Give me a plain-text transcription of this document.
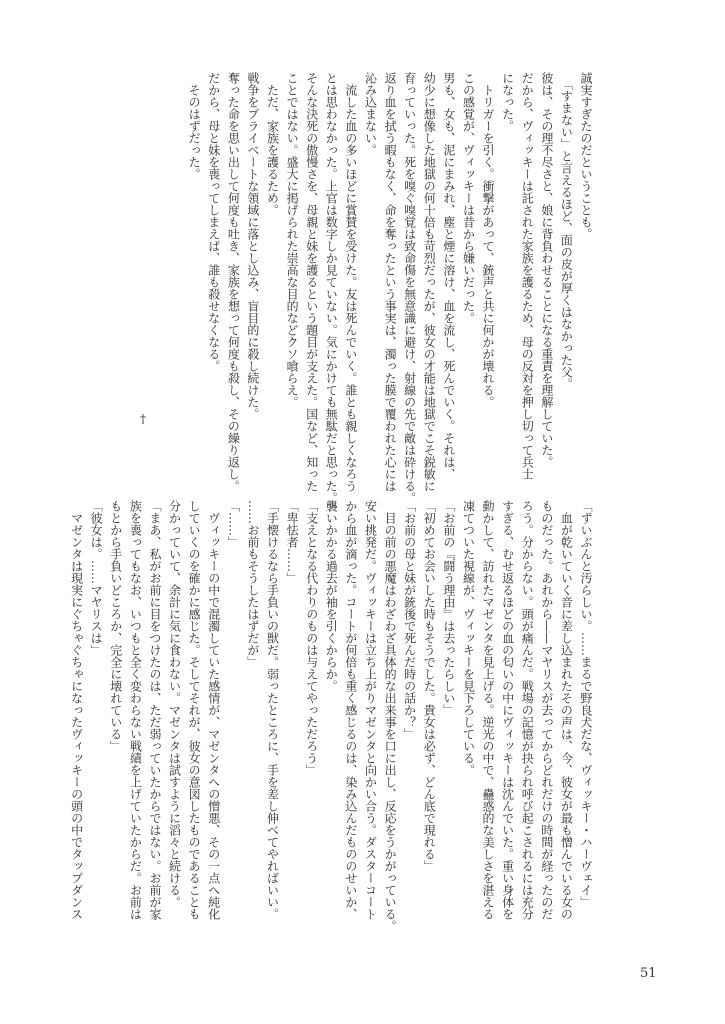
誠実すぎたのだということも。
　「すまない」と言えるほど、面の皮が厚くはなかった父。
彼は、その理不尽さと、娘に背負わせることになる重責を理解していた。
だから、ヴィッキーは託された家族を護るため、母の反対を押し切って兵士
になった。
　トリガーを引く。衝撃があって、銃声と共に何かが壊れる。
この感覚が、ヴィッキーは昔から嫌いだった。
男も、女も、泥にまみれ、塵と煙に溶け、血を流し、死んでいく。それは、
幼少に想像した地獄の何十倍も苛烈だったが、彼女の才能は地獄でこそ鋭敏に
育っていった。死を嗅ぐ嗅覚は致命傷を無意識に避け、射線の先で敵は砕ける。
返り血を拭う暇もなく、命を奪ったという事実は、濁った膜で覆われた心には
沁み込まない。
　流した血の多いほどに賞賛を受けた。友は死んでいく。誰とも親しくなろう
とは思わなかった。上官は数字しか見ていない。気にかけても無駄だと思った。
そんな決死の傲慢さを、母親と妹を護るという題目が支えた。国など、知った
ことではない。盛大に掲げられた崇高な目的などクソ喰らえ。
　ただ、家族を護るため。
戦争をプライベートな領域に落とし込み、盲目的に殺し続けた。
奪った命を思い出して何度も吐き、家族を想って何度も殺し、その繰り返し。
だから、母と妹を喪ってしまえば、誰も殺せなくなる。
　そのはずだった。
†
「ずいぶんと汚らしい。……まるで野良犬だな、ヴィッキー・ハーヴェイ」
　血が乾いていく音に差し込まれたその声は、今、彼女が最も憎んでいる女の
ものだった。あれから——マヤリスが去ってからどれだけの時間が経ったのだ
ろう。分からない。頭が痛んだ。戦場の記憶が抉られ呼び起こされるには充分
すぎる、むせ返るほどの血の匂いの中にヴィッキーは沈んでいた。重い身体を
動かして、訪れたマゼンタを見上げる。逆光の中で、蠱惑的な美しさを湛える
凍てついた視線が、ヴィッキーを見下ろしている。
「お前の『闘う理由』は去ったらしい」
「初めてお会いした時もそうでした。貴女は必ず、どん底で現れる」
「お前の母と妹が銃後で死んだ時の話か？」
　目の前の悪魔はわざわざ具体的な出来事を口に出し、反応をうかがっている。
安い挑発だ。ヴィッキーは立ち上がりマゼンタと向かい合う。ダスターコート
から血が滴った。コートが何倍も重く感じるのは、染み込んだもののせいか、
襲いかかる過去が袖を引くからか。
「支えとなる代わりのものは与えてやっただろう」
「卑怯者……」
「手懐けるなら手負いの獣だ。弱ったところに、手を差し伸べてやればいい。
……お前もそうしたはずだが」
「……」
　ヴィッキーの中で混濁していた感情が、マゼンタへの憎悪、その一点へ純化
していくのを確かに感じた。そしてそれが、彼女の意図したものであることも
分かっていて、余計に気に食わない。マゼンタは試すように滔々と続ける。
「まあ、私がお前に目をつけたのは、ただ弱っていたからではない。お前が家
族を喪ってもなお、いつもと全く変わらない戦績を上げていたからだ。お前は
もとから手負いどころか、完全に壊れている」
「彼女は。……マヤリスは」
　マゼンタは現実にぐちゃぐちゃになったヴィッキーの頭の中でタップダンス
51
